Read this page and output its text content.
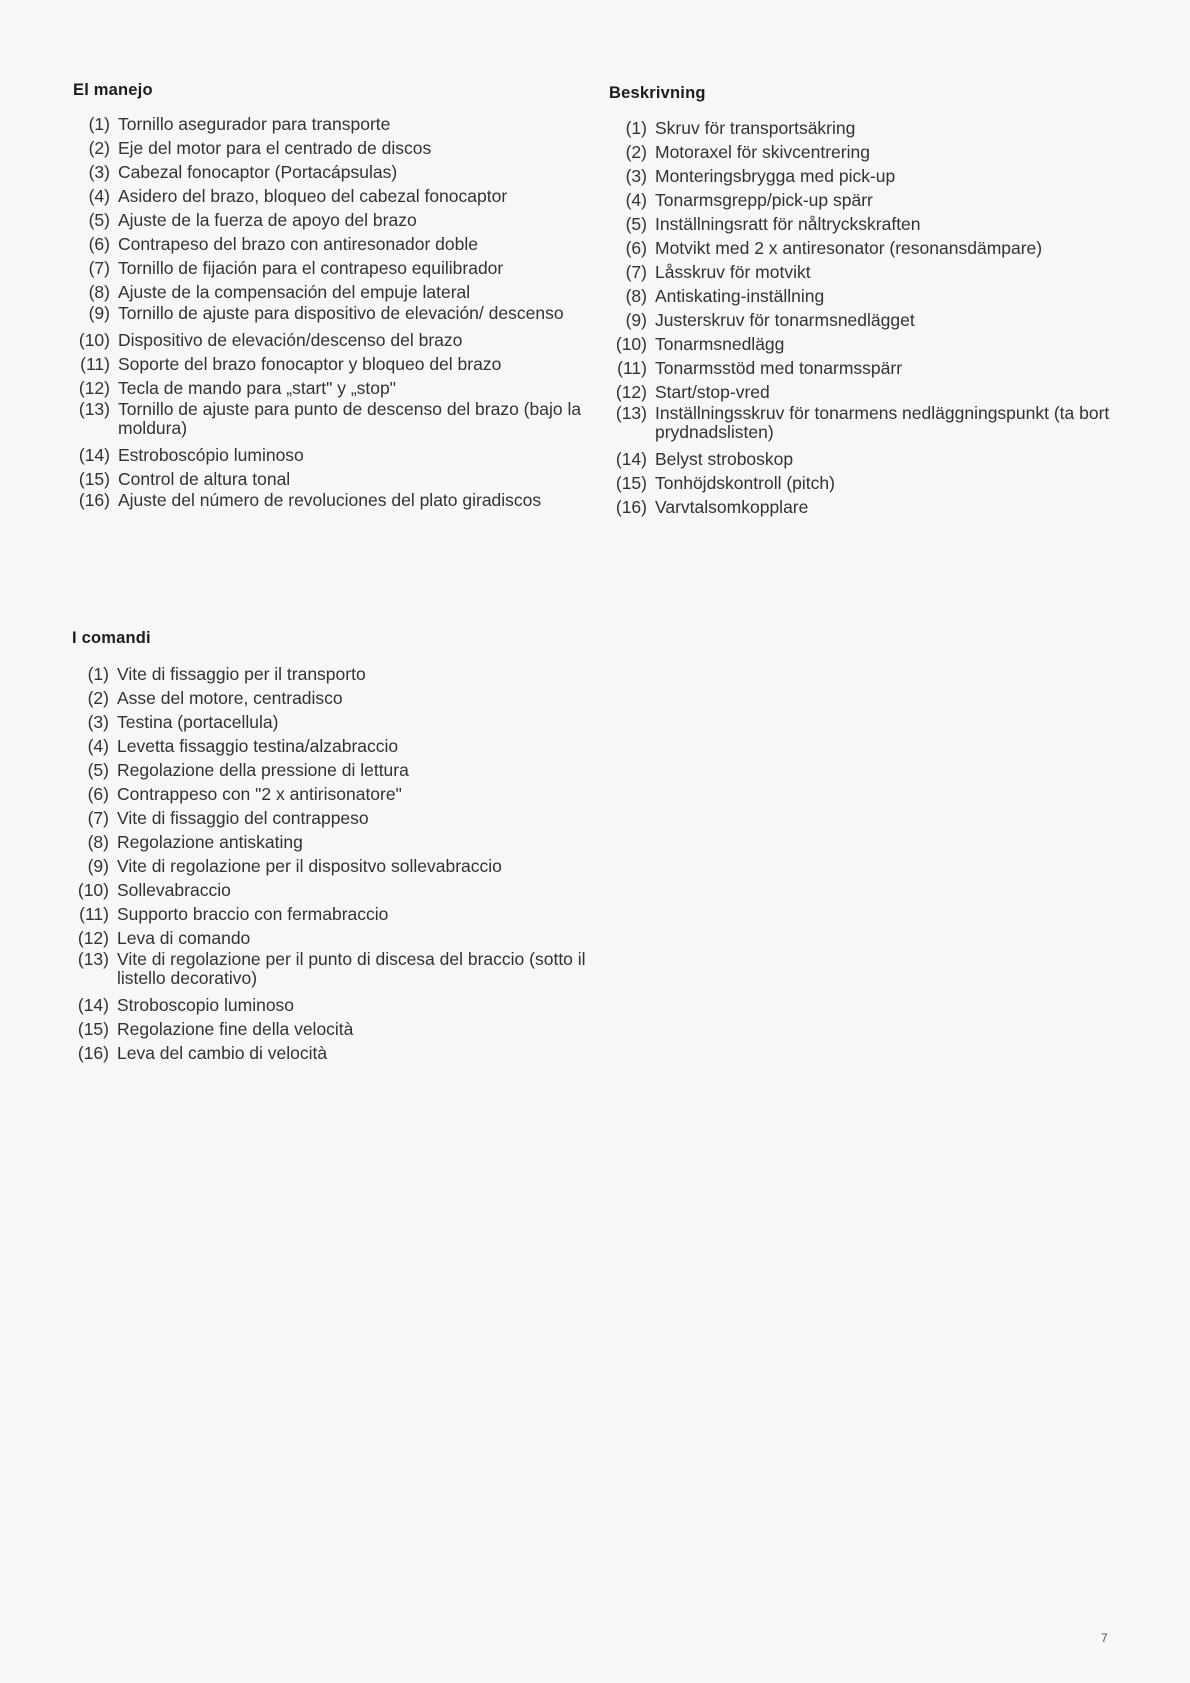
El manejo
(1) Tornillo asegurador para transporte
(2) Eje del motor para el centrado de discos
(3) Cabezal fonocaptor (Portacápsulas)
(4) Asidero del brazo, bloqueo del cabezal fonocaptor
(5) Ajuste de la fuerza de apoyo del brazo
(6) Contrapeso del brazo con antiresonador doble
(7) Tornillo de fijación para el contrapeso equilibrador
(8) Ajuste de la compensación del empuje lateral
(9) Tornillo de ajuste para dispositivo de elevación/ descenso
(10) Dispositivo de elevación/descenso del brazo
(11) Soporte del brazo fonocaptor y bloqueo del brazo
(12) Tecla de mando para „start" y „stop"
(13) Tornillo de ajuste para punto de descenso del brazo (bajo la moldura)
(14) Estroboscópio luminoso
(15) Control de altura tonal
(16) Ajuste del número de revoluciones del plato giradiscos
Beskrivning
(1) Skruv för transportsäkring
(2) Motoraxel för skivcentrering
(3) Monteringsbrygga med pick-up
(4) Tonarmsgrepp/pick-up spärr
(5) Inställningsratt för nåltryckskraften
(6) Motvikt med 2 x antiresonator (resonansdämpare)
(7) Låsskruv för motvikt
(8) Antiskating-inställning
(9) Justerskruv för tonarmsnedlägget
(10) Tonarmsnedlägg
(11) Tonarmsstöd med tonarmsspärr
(12) Start/stop-vred
(13) Inställningsskruv för tonarmens nedläggningspunkt (ta bort prydnadslisten)
(14) Belyst stroboskop
(15) Tonhöjdskontroll (pitch)
(16) Varvtalsomkopplare
I comandi
(1) Vite di fissaggio per il transporto
(2) Asse del motore, centradisco
(3) Testina (portacellula)
(4) Levetta fissaggio testina/alzabraccio
(5) Regolazione della pressione di lettura
(6) Contrappeso con "2 x antirisonatore"
(7) Vite di fissaggio del contrappeso
(8) Regolazione antiskating
(9) Vite di regolazione per il dispositvo sollevabraccio
(10) Sollevabraccio
(11) Supporto braccio con fermabraccio
(12) Leva di comando
(13) Vite di regolazione per il punto di discesa del braccio (sotto il listello decorativo)
(14) Stroboscopio luminoso
(15) Regolazione fine della velocità
(16) Leva del cambio di velocità
7
